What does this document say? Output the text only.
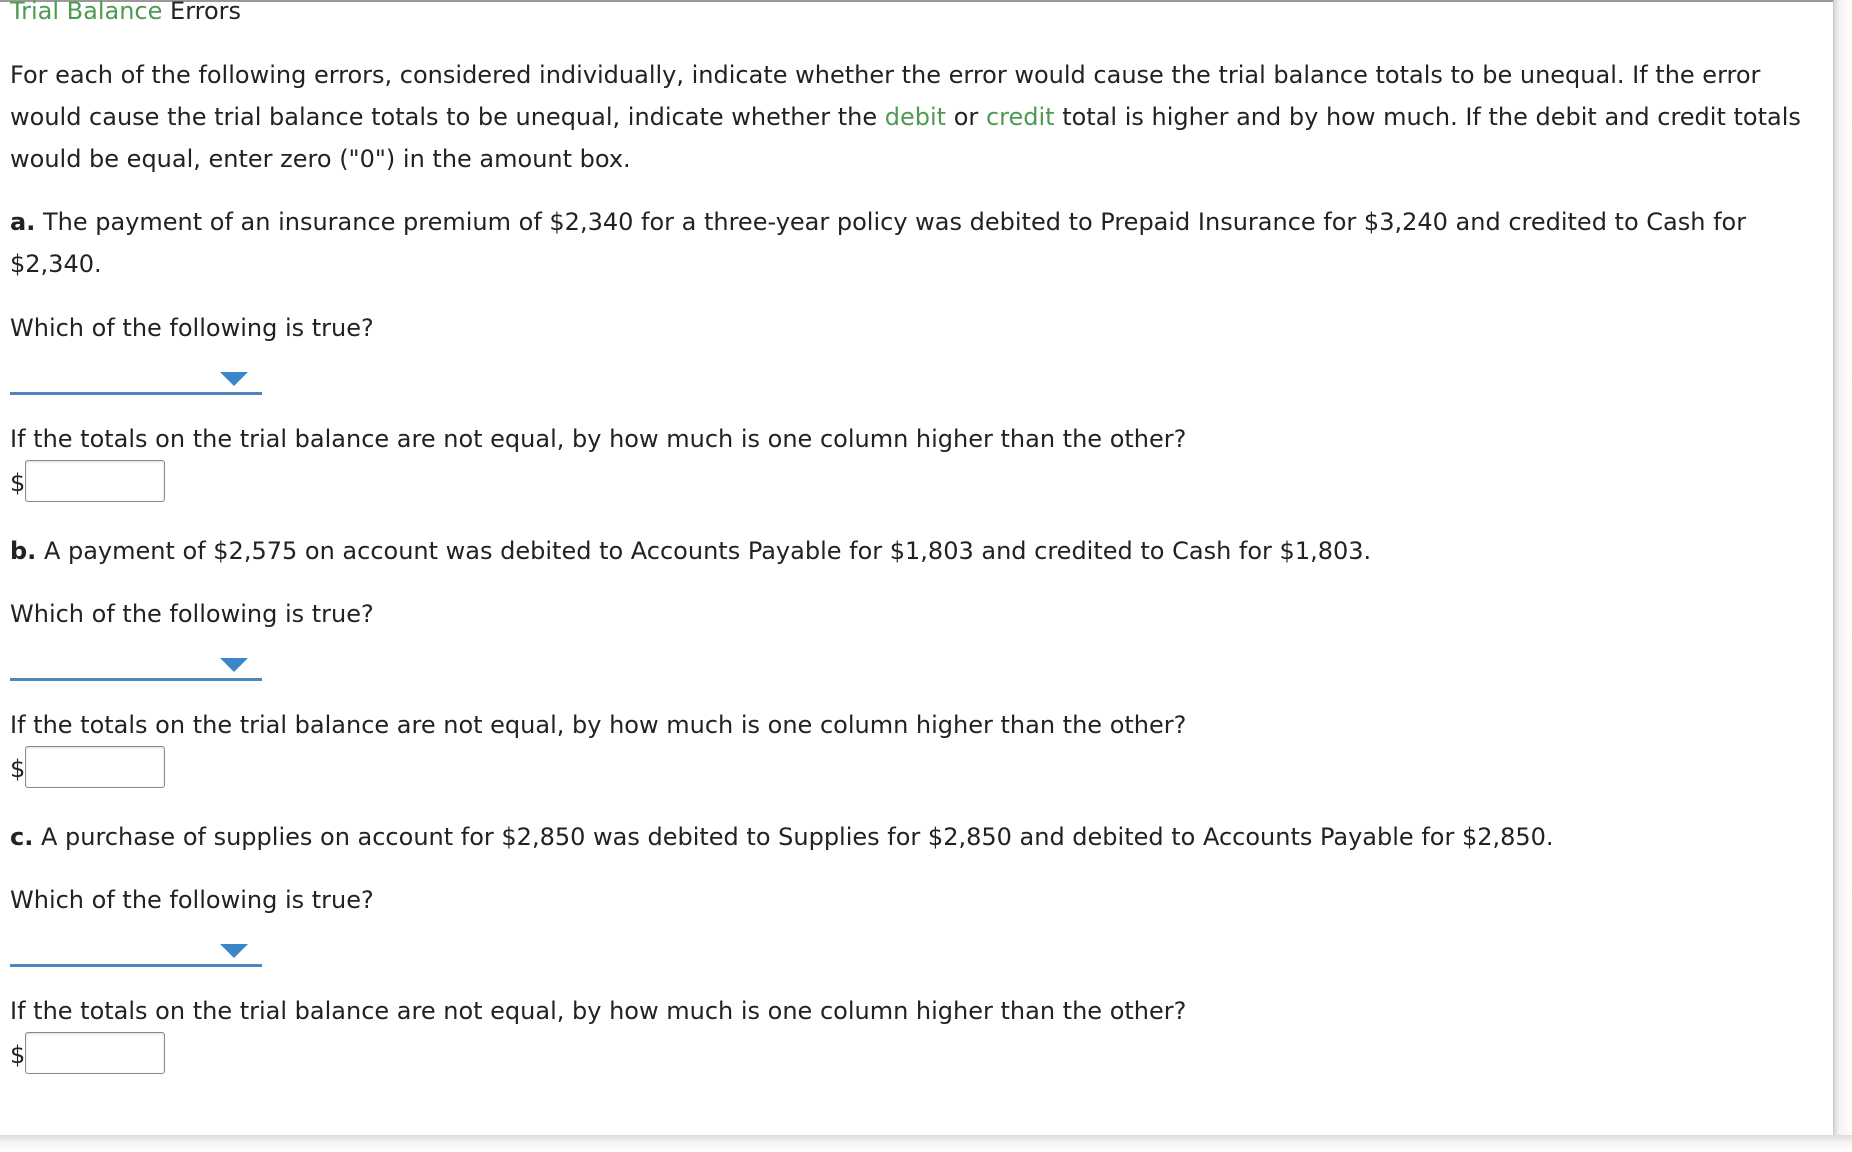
Trial Balance Errors

For each of the following errors, considered individually, indicate whether the error would cause the trial balance totals to be unequal. If the error would cause the trial balance totals to be unequal, indicate whether the debit or credit total is higher and by how much. If the debit and credit totals would be equal, enter zero ("0") in the amount box.

a. The payment of an insurance premium of $2,340 for a three-year policy was debited to Prepaid Insurance for $3,240 and credited to Cash for $2,340.

Which of the following is true?

If the totals on the trial balance are not equal, by how much is one column higher than the other?

$

b. A payment of $2,575 on account was debited to Accounts Payable for $1,803 and credited to Cash for $1,803.

Which of the following is true?

If the totals on the trial balance are not equal, by how much is one column higher than the other?

$

c. A purchase of supplies on account for $2,850 was debited to Supplies for $2,850 and debited to Accounts Payable for $2,850.

Which of the following is true?

If the totals on the trial balance are not equal, by how much is one column higher than the other?

$
